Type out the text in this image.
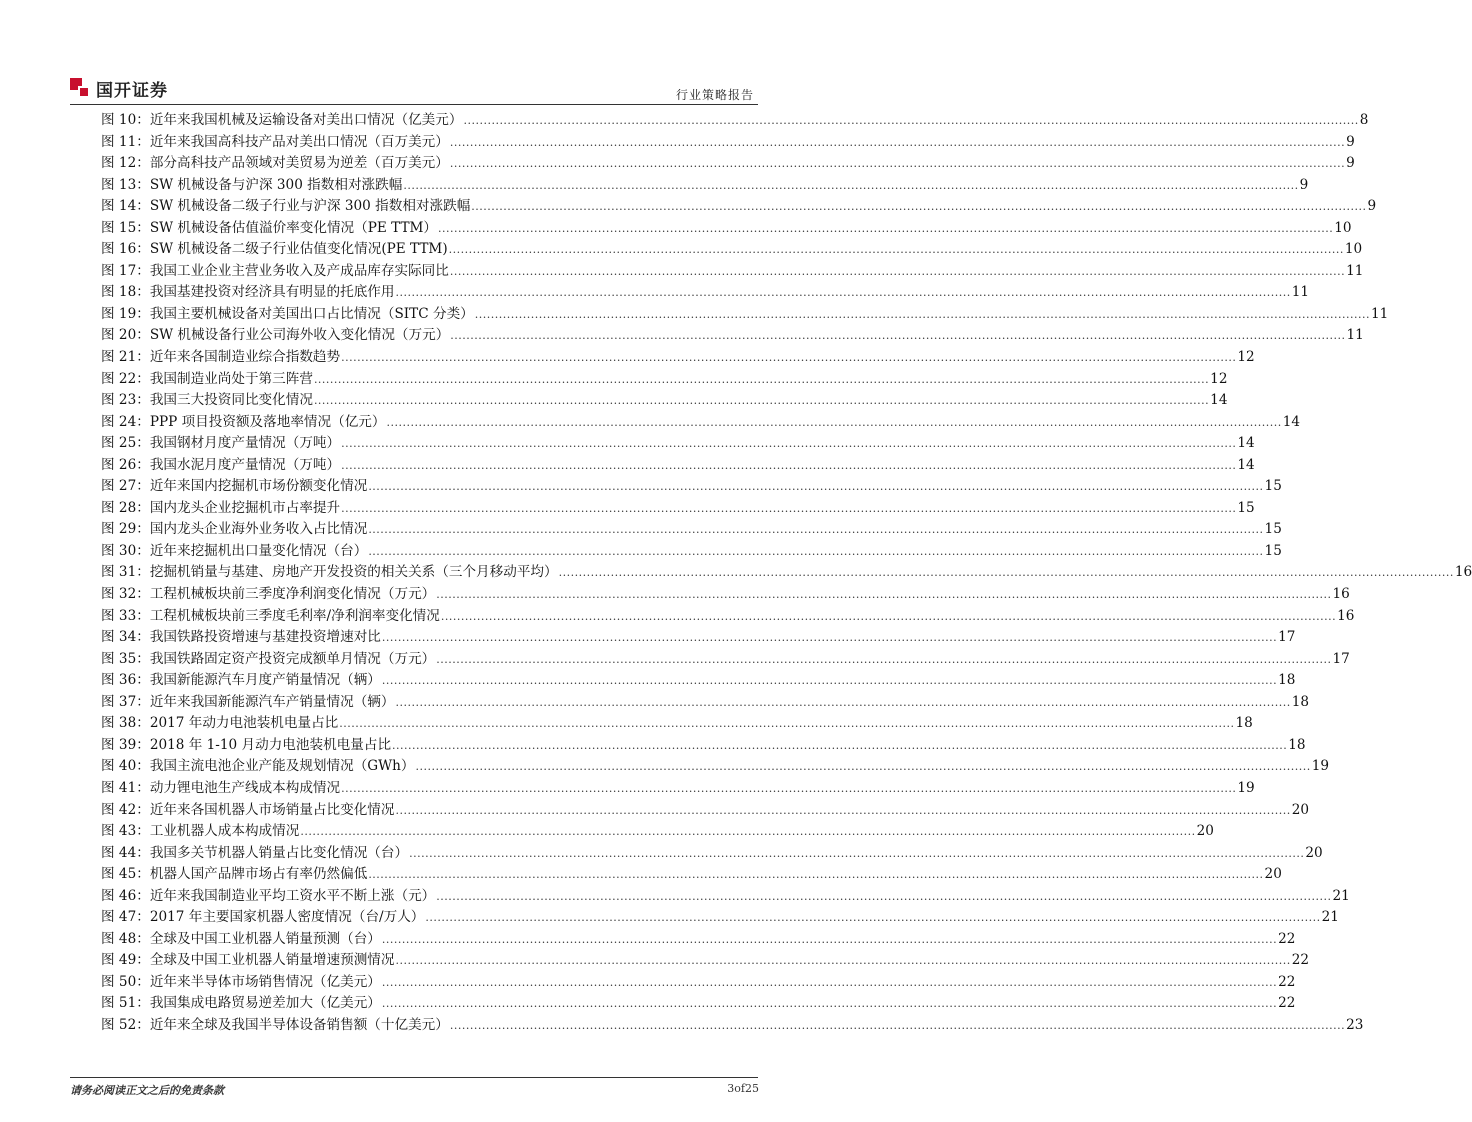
国开证券	行业策略报告
图 10： 近年来我国机械及运输设备对美出口情况（亿美元） .....	8
图 11： 近年来我国高科技产品对美出口情况（百万美元） .....	9
图 12： 部分高科技产品领域对美贸易为逆差（百万美元） .....	9
图 13： SW 机械设备与沪深 300 指数相对涨跌幅 .....	9
图 14： SW 机械设备二级子行业与沪深 300 指数相对涨跌幅 .....	9
图 15： SW 机械设备估值溢价率变化情况（PE TTM） .....	10
图 16： SW 机械设备二级子行业估值变化情况(PE TTM) .....	10
图 17： 我国工业企业主营业务收入及产成品库存实际同比 .....	11
图 18： 我国基建投资对经济具有明显的托底作用 .....	11
图 19： 我国主要机械设备对美国出口占比情况（SITC 分类） .....	11
图 20： SW 机械设备行业公司海外收入变化情况（万元） .....	11
图 21： 近年来各国制造业综合指数趋势 .....	12
图 22： 我国制造业尚处于第三阵营 .....	12
图 23： 我国三大投资同比变化情况 .....	14
图 24： PPP 项目投资额及落地率情况（亿元） .....	14
图 25： 我国钢材月度产量情况（万吨） .....	14
图 26： 我国水泥月度产量情况（万吨） .....	14
图 27： 近年来国内挖掘机市场份额变化情况 .....	15
图 28： 国内龙头企业挖掘机市占率提升 .....	15
图 29： 国内龙头企业海外业务收入占比情况 .....	15
图 30： 近年来挖掘机出口量变化情况（台） .....	15
图 31： 挖掘机销量与基建、房地产开发投资的相关关系（三个月移动平均） .....	16
图 32： 工程机械板块前三季度净利润变化情况（万元） .....	16
图 33： 工程机械板块前三季度毛利率/净利润率变化情况 .....	16
图 34： 我国铁路投资增速与基建投资增速对比 .....	17
图 35： 我国铁路固定资产投资完成额单月情况（万元） .....	17
图 36： 我国新能源汽车月度产销量情况（辆） .....	18
图 37： 近年来我国新能源汽车产销量情况（辆） .....	18
图 38： 2017 年动力电池装机电量占比 .....	18
图 39： 2018 年 1-10 月动力电池装机电量占比 .....	18
图 40： 我国主流电池企业产能及规划情况（GWh） .....	19
图 41： 动力锂电池生产线成本构成情况 .....	19
图 42： 近年来各国机器人市场销量占比变化情况 .....	20
图 43： 工业机器人成本构成情况 .....	20
图 44： 我国多关节机器人销量占比变化情况（台） .....	20
图 45： 机器人国产品牌市场占有率仍然偏低 .....	20
图 46： 近年来我国制造业平均工资水平不断上涨（元） .....	21
图 47： 2017 年主要国家机器人密度情况（台/万人） .....	21
图 48： 全球及中国工业机器人销量预测（台） .....	22
图 49： 全球及中国工业机器人销量增速预测情况 .....	22
图 50： 近年来半导体市场销售情况（亿美元） .....	22
图 51： 我国集成电路贸易逆差加大（亿美元） .....	22
图 52： 近年来全球及我国半导体设备销售额（十亿美元） .....	23
请务必阅读正文之后的免责条款	3of25
